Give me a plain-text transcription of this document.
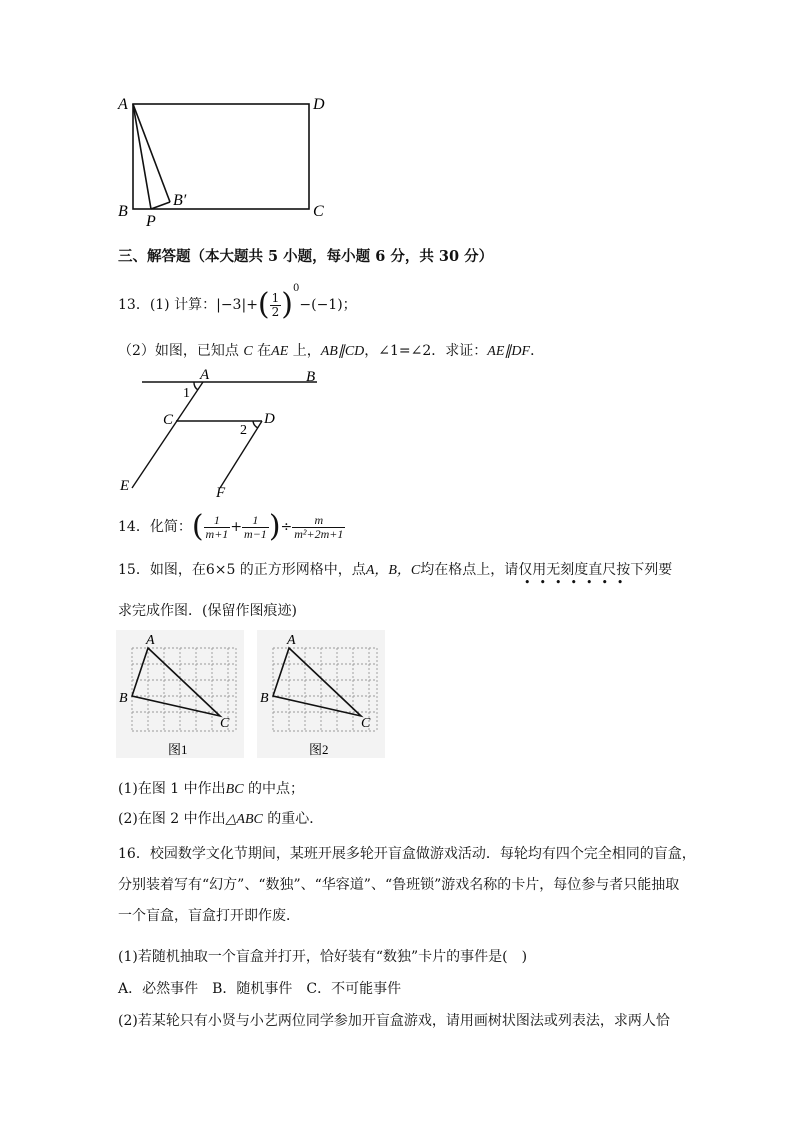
A	D
B	C
P
B′
三、解答题（本大题共 5 小题，每小题 6 分，共 30 分）
13．(1) 计算：$|-3|+( \frac{1}{2} )^0-(-1)$；
（2）如图，已知点 C 在AE 上，AB∥CD，∠1=∠2．求证：AE∥DF．
A	B
C	D
E	F
1
2
14．化简：( $\frac{1}{m+1} + \frac{1}{m-1}$ )÷ $\frac{m}{\text{m²+2m+1}}$
15．如图，在6×5 的正方形网格中，点A，B，C均在格点上，请仅用无刻度直尺按下列要
•••••••
求完成作图．(保留作图痕迹)
A
B
C
图1
A
B
C
图2
(1)在图 1 中作出BC 的中点；
(2)在图 2 中作出△ABC 的重心．
16．校园数学文化节期间，某班开展多轮开盲盒做游戏活动．每轮均有四个完全相同的盲盒，
分别装着写有“幻方”、“数独”、“华容道”、“鲁班锁”游戏名称的卡片，每位参与者只能抽取
一个盲盒，盲盒打开即作废．
(1)若随机抽取一个盲盒并打开，恰好装有“数独”卡片的事件是(　)
A．必然事件　B．随机事件　C．不可能事件
(2)若某轮只有小贤与小艺两位同学参加开盲盒游戏，请用画树状图法或列表法，求两人恰
